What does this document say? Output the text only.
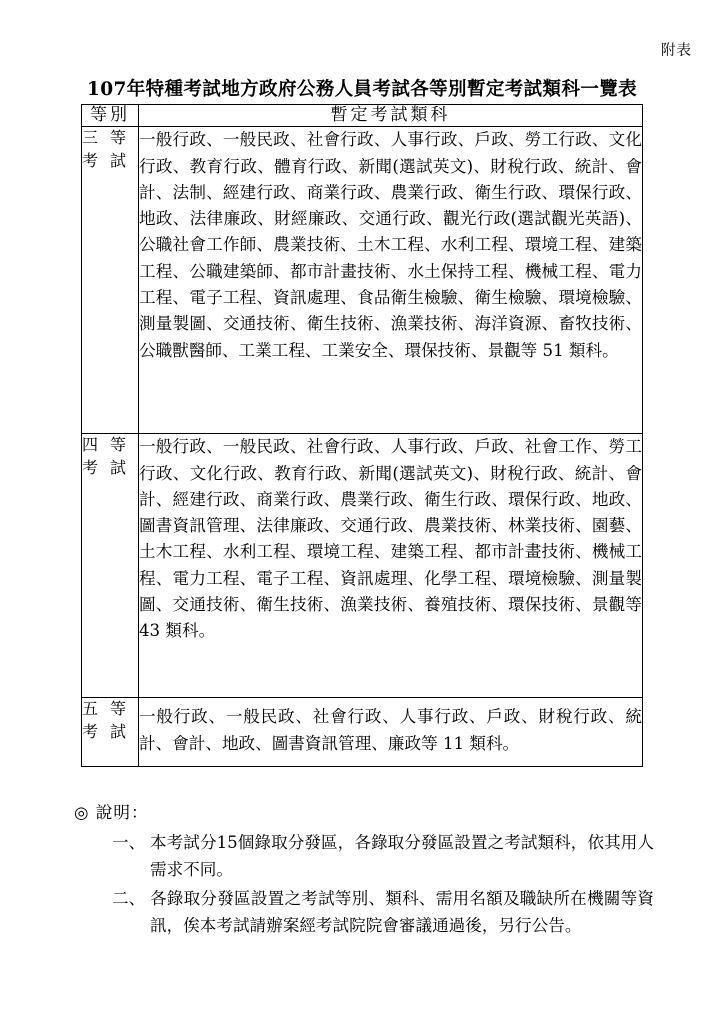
附表
107年特種考試地方政府公務人員考試各等別暫定考試類科一覽表
等別	暫定考試類科

三等
考試	一般行政、一般民政、社會行政、人事行政、戶政、勞工行政、文化行政、教育行政、體育行政、新聞(選試英文)、財稅行政、統計、會計、法制、經建行政、商業行政、農業行政、衛生行政、環保行政、地政、法律廉政、財經廉政、交通行政、觀光行政(選試觀光英語)、公職社會工作師、農業技術、土木工程、水利工程、環境工程、建築工程、公職建築師、都市計畫技術、水土保持工程、機械工程、電力工程、電子工程、資訊處理、食品衛生檢驗、衛生檢驗、環境檢驗、測量製圖、交通技術、衛生技術、漁業技術、海洋資源、畜牧技術、公職獸醫師、工業工程、工業安全、環保技術、景觀等 51 類科。

四等
考試	一般行政、一般民政、社會行政、人事行政、戶政、社會工作、勞工行政、文化行政、教育行政、新聞(選試英文)、財稅行政、統計、會計、經建行政、商業行政、農業行政、衛生行政、環保行政、地政、圖書資訊管理、法律廉政、交通行政、農業技術、林業技術、園藝、土木工程、水利工程、環境工程、建築工程、都市計畫技術、機械工程、電力工程、電子工程、資訊處理、化學工程、環境檢驗、測量製圖、交通技術、衛生技術、漁業技術、養殖技術、環保技術、景觀等 43 類科。

五等
考試	一般行政、一般民政、社會行政、人事行政、戶政、財稅行政、統計、會計、地政、圖書資訊管理、廉政等 11 類科。
◎ 說明：
一、 本考試分15個錄取分發區，各錄取分發區設置之考試類科，依其用人需求不同。
二、 各錄取分發區設置之考試等別、類科、需用名額及職缺所在機關等資訊，俟本考試請辦案經考試院院會審議通過後，另行公告。
